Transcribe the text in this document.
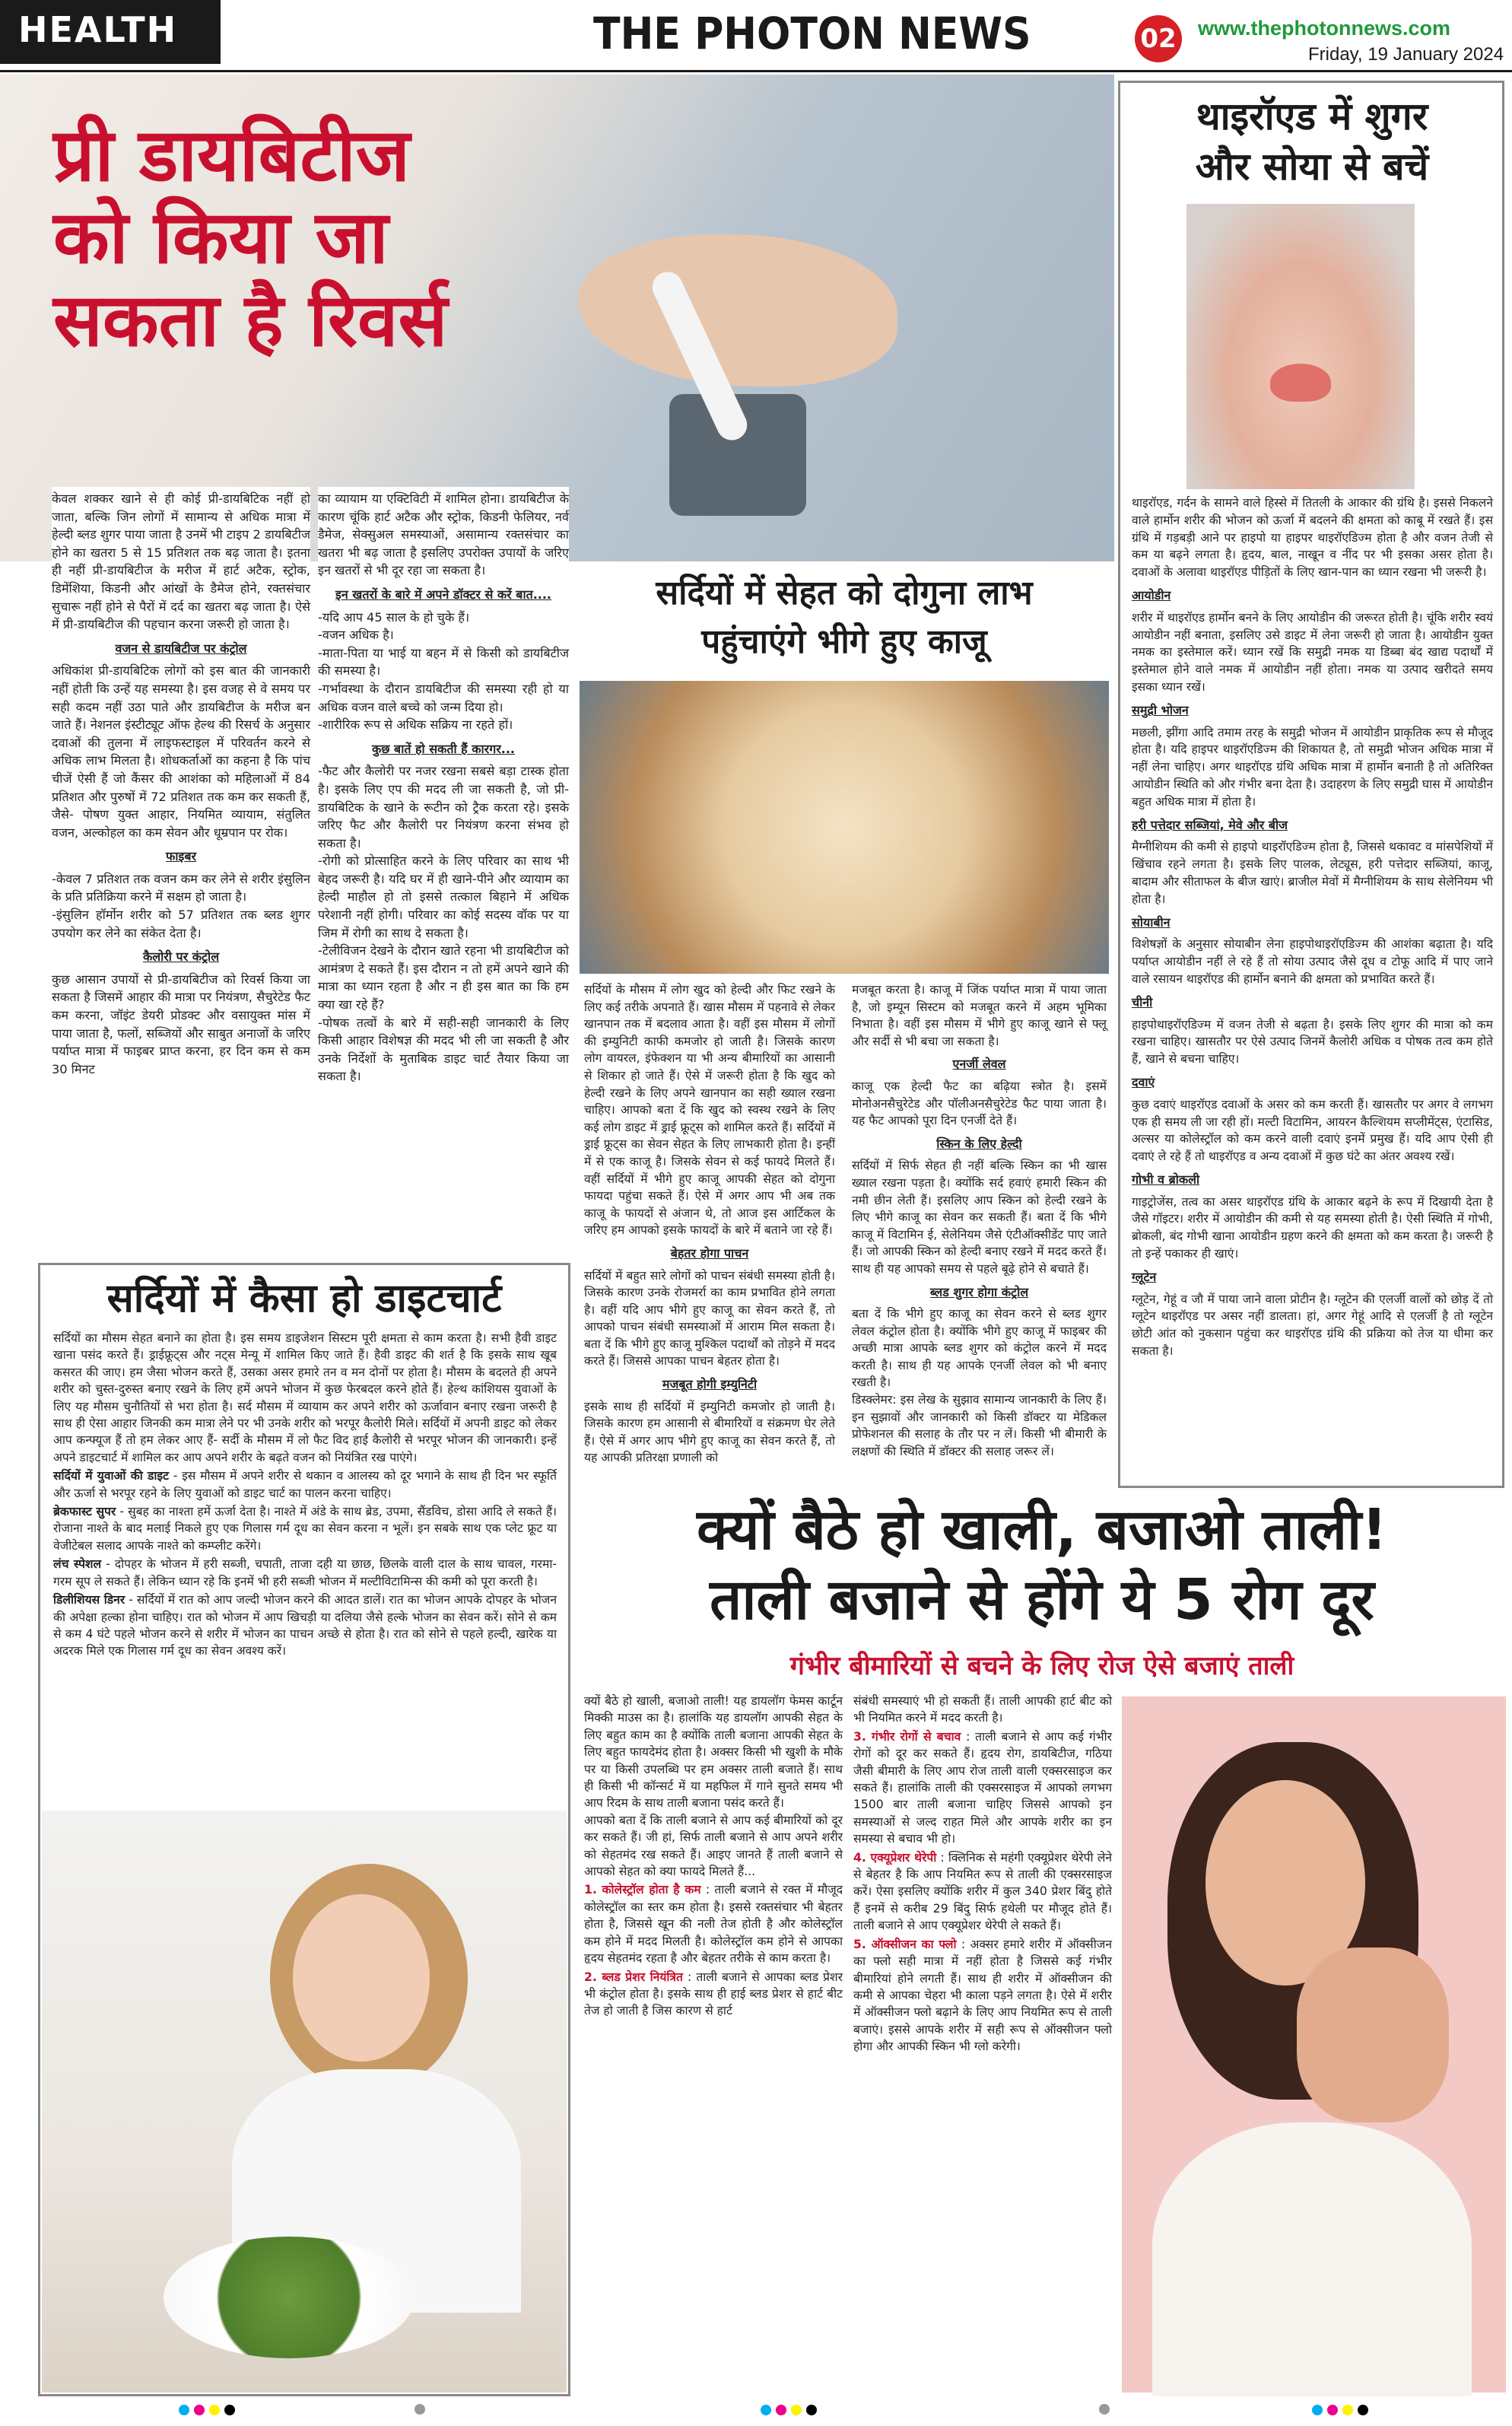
HEALTH	THE PHOTON NEWS	02 www.thephotonnews.com
Friday, 19 January 2024
प्री डायबिटीज
को किया जा
सकता है रिवर्स

केवल शक्कर खाने से ही कोई प्री-डायबिटिक नहीं हो जाता, बल्कि जिन लोगों में सामान्य से अधिक मात्रा में हेल्दी ब्लड शुगर पाया जाता है उनमें भी टाइप 2 डायबिटीज होने का खतरा 5 से 15 प्रतिशत तक बढ़ जाता है। इतना ही नहीं प्री-डायबिटीज के मरीज में हार्ट अटैक, स्ट्रोक, डिमेंशिया, किडनी और आंखों के डैमेज होने, रक्तसंचार सुचारू नहीं होने से पैरों में दर्द का खतरा बढ़ जाता है। ऐसे में प्री-डायबिटीज की पहचान करना जरूरी हो जाता है।

वजन से डायबिटीज पर कंट्रोल

अधिकांश प्री-डायबिटिक लोगों को इस बात की जानकारी नहीं होती कि उन्हें यह समस्या है। इस वजह से वे समय पर सही कदम नहीं उठा पाते और डायबिटीज के मरीज बन जाते हैं। नेशनल इंस्टीट्यूट ऑफ हेल्थ की रिसर्च के अनुसार दवाओं की तुलना में लाइफस्टाइल में परिवर्तन करने से अधिक लाभ मिलता है। शोधकर्ताओं का कहना है कि पांच चीजें ऐसी हैं जो कैंसर की आशंका को महिलाओं में 84 प्रतिशत और पुरुषों में 72 प्रतिशत तक कम कर सकती हैं, जैसे- पोषण युक्त आहार, नियमित व्यायाम, संतुलित वजन, अल्कोहल का कम सेवन और धूम्रपान पर रोक।

फाइबर

-केवल 7 प्रतिशत तक वजन कम कर लेने से शरीर इंसुलिन के प्रति प्रतिक्रिया करने में सक्षम हो जाता है।
-इंसुलिन हॉर्मोन शरीर को 57 प्रतिशत तक ब्लड शुगर उपयोग कर लेने का संकेत देता है।

कैलोरी पर कंट्रोल

कुछ आसान उपायों से प्री-डायबिटीज को रिवर्स किया जा सकता है जिसमें आहार की मात्रा पर नियंत्रण, सैचुरेटेड फैट कम करना, जॉइंट डेयरी प्रोडक्ट और वसायुक्त मांस में पाया जाता है, फलों, सब्जियों और साबुत अनाजों के जरिए पर्याप्त मात्रा में फाइबर प्राप्त करना, हर दिन कम से कम 30 मिनट

का व्यायाम या एक्टिविटी में शामिल होना। डायबिटीज के कारण चूंकि हार्ट अटैक और स्ट्रोक, किडनी फेलियर, नर्व डैमेज, सेक्सुअल समस्याओं, असामान्य रक्तसंचार का खतरा भी बढ़ जाता है इसलिए उपरोक्त उपायों के जरिए इन खतरों से भी दूर रहा जा सकता है।

इन खतरों के बारे में अपने डॉक्टर से करें बात....

-यदि आप 45 साल के हो चुके हैं।
-वजन अधिक है।
-माता-पिता या भाई या बहन में से किसी को डायबिटीज की समस्या है।
-गर्भावस्था के दौरान डायबिटीज की समस्या रही हो या अधिक वजन वाले बच्चे को जन्म दिया हो।
-शारीरिक रूप से अधिक सक्रिय ना रहते हों।

कुछ बातें हो सकती हैं कारगर...

-फैट और कैलोरी पर नजर रखना सबसे बड़ा टास्क होता है। इसके लिए एप की मदद ली जा सकती है, जो प्री-डायबिटिक के खाने के रूटीन को ट्रैक करता रहे। इसके जरिए फैट और कैलोरी पर नियंत्रण करना संभव हो सकता है।
-रोगी को प्रोत्साहित करने के लिए परिवार का साथ भी बेहद जरूरी है। यदि घर में ही खाने-पीने और व्यायाम का हेल्दी माहौल हो तो इससे तत्काल बिहाने में अधिक परेशानी नहीं होगी। परिवार का कोई सदस्य वॉक पर या जिम में रोगी का साथ दे सकता है।
-टेलीविजन देखने के दौरान खाते रहना भी डायबिटीज को आमंत्रण दे सकते हैं। इस दौरान न तो हमें अपने खाने की मात्रा का ध्यान रहता है और न ही इस बात का कि हम क्या खा रहे हैं?
-पोषक तत्वों के बारे में सही-सही जानकारी के लिए किसी आहार विशेषज्ञ की मदद भी ली जा सकती है और उनके निर्देशों के मुताबिक डाइट चार्ट तैयार किया जा सकता है।

सर्दियों में सेहत को दोगुना लाभ
पहुंचाएंगे भीगे हुए काजू

सर्दियों के मौसम में लोग खुद को हेल्दी और फिट रखने के लिए कई तरीके अपनाते हैं। खास मौसम में पहनावे से लेकर खानपान तक में बदलाव आता है। वहीं इस मौसम में लोगों की इम्युनिटी काफी कमजोर हो जाती है। जिसके कारण लोग वायरल, इंफेक्शन या भी अन्य बीमारियों का आसानी से शिकार हो जाते हैं। ऐसे में जरूरी होता है कि खुद को हेल्दी रखने के लिए अपने खानपान का सही ख्याल रखना चाहिए। आपको बता दें कि खुद को स्वस्थ रखने के लिए कई लोग डाइट में ड्राई फ्रूट्स को शामिल करते हैं। सर्दियों में ड्राई फ्रूट्स का सेवन सेहत के लिए लाभकारी होता है। इन्हीं में से एक काजू है। जिसके सेवन से कई फायदे मिलते हैं। वहीं सर्दियों में भीगे हुए काजू आपकी सेहत को दोगुना फायदा पहुंचा सकते हैं। ऐसे में अगर आप भी अब तक काजू के फायदों से अंजान थे, तो आज इस आर्टिकल के जरिए हम आपको इसके फायदों के बारे में बताने जा रहे हैं।

बेहतर होगा पाचन

सर्दियों में बहुत सारे लोगों को पाचन संबंधी समस्या होती है। जिसके कारण उनके रोजमर्रा का काम प्रभावित होने लगता है। वहीं यदि आप भीगे हुए काजू का सेवन करते हैं, तो आपको पाचन संबंधी समस्याओं में आराम मिल सकता है। बता दें कि भीगे हुए काजू मुश्किल पदार्थों को तोड़ने में मदद करते हैं। जिससे आपका पाचन बेहतर होता है।

मजबूत होगी इम्युनिटी

इसके साथ ही सर्दियों में इम्युनिटी कमजोर हो जाती है। जिसके कारण हम आसानी से बीमारियों व संक्रमण घेर लेते हैं। ऐसे में अगर आप भीगे हुए काजू का सेवन करते हैं, तो यह आपकी प्रतिरक्षा प्रणाली को

मजबूत करता है। काजू में जिंक पर्याप्त मात्रा में पाया जाता है, जो इम्यून सिस्टम को मजबूत करने में अहम भूमिका निभाता है। वहीं इस मौसम में भीगे हुए काजू खाने से फ्लू और सर्दी से भी बचा जा सकता है।

एनर्जी लेवल

काजू एक हेल्दी फैट का बढ़िया स्त्रोत है। इसमें मोनोअनसैचुरेटेड और पॉलीअनसैचुरेटेड फैट पाया जाता है। यह फैट आपको पूरा दिन एनर्जी देते हैं।

स्किन के लिए हेल्दी

सर्दियों में सिर्फ सेहत ही नहीं बल्कि स्किन का भी खास ख्याल रखना पड़ता है। क्योंकि सर्द हवाएं हमारी स्किन की नमी छीन लेती हैं। इसलिए आप स्किन को हेल्दी रखने के लिए भीगे काजू का सेवन कर सकती हैं। बता दें कि भीगे काजू में विटामिन ई, सेलेनियम जैसे एंटीऑक्सीडेंट पाए जाते हैं। जो आपकी स्किन को हेल्दी बनाए रखने में मदद करते हैं। साथ ही यह आपको समय से पहले बूढ़े होने से बचाते हैं।

ब्लड शुगर होगा कंट्रोल

बता दें कि भीगे हुए काजू का सेवन करने से ब्लड शुगर लेवल कंट्रोल होता है। क्योंकि भीगे हुए काजू में फाइबर की अच्छी मात्रा आपके ब्लड शुगर को कंट्रोल करने में मदद करती है। साथ ही यह आपके एनर्जी लेवल को भी बनाए रखती है।
डिस्क्लेमर: इस लेख के सुझाव सामान्य जानकारी के लिए हैं। इन सुझावों और जानकारी को किसी डॉक्टर या मेडिकल प्रोफेशनल की सलाह के तौर पर न लें। किसी भी बीमारी के लक्षणों की स्थिति में डॉक्टर की सलाह जरूर लें।

थाइरॉएड में शुगर
और सोया से बचें

थाइरॉएड, गर्दन के सामने वाले हिस्से में तितली के आकार की ग्रंथि है। इससे निकलने वाले हार्मोन शरीर की भोजन को ऊर्जा में बदलने की क्षमता को काबू में रखते हैं। इस ग्रंथि में गड़बड़ी आने पर हाइपो या हाइपर थाइरॉएडिज्म होता है और वजन तेजी से कम या बढ़ने लगता है। हृदय, बाल, नाखून व नींद पर भी इसका असर होता है। दवाओं के अलावा थाइरॉएड पीड़ितों के लिए खान-पान का ध्यान रखना भी जरूरी है।

आयोडीन

शरीर में थाइरॉएड हार्मोन बनने के लिए आयोडीन की जरूरत होती है। चूंकि शरीर स्वयं आयोडीन नहीं बनाता, इसलिए उसे डाइट में लेना जरूरी हो जाता है। आयोडीन युक्त नमक का इस्तेमाल करें। ध्यान रखें कि समुद्री नमक या डिब्बा बंद खाद्य पदार्थों में इस्तेमाल होने वाले नमक में आयोडीन नहीं होता। नमक या उत्पाद खरीदते समय इसका ध्यान रखें।

समुद्री भोजन

मछली, झींगा आदि तमाम तरह के समुद्री भोजन में आयोडीन प्राकृतिक रूप से मौजूद होता है। यदि हाइपर थाइरॉएडिज्म की शिकायत है, तो समुद्री भोजन अधिक मात्रा में नहीं लेना चाहिए। अगर थाइरॉएड ग्रंथि अधिक मात्रा में हार्मोन बनाती है तो अतिरिक्त आयोडीन स्थिति को और गंभीर बना देता है। उदाहरण के लिए समुद्री घास में आयोडीन बहुत अधिक मात्रा में होता है।

हरी पत्तेदार सब्जियां, मेवे और बीज

मैग्नीशियम की कमी से हाइपो थाइरॉएडिज्म होता है, जिससे थकावट व मांसपेशियों में खिंचाव रहने लगता है। इसके लिए पालक, लेट्यूस, हरी पत्तेदार सब्जियां, काजू, बादाम और सीताफल के बीज खाएं। ब्राजील मेवों में मैग्नीशियम के साथ सेलेनियम भी होता है।

सोयाबीन

विशेषज्ञों के अनुसार सोयाबीन लेना हाइपोथाइरॉएडिज्म की आशंका बढ़ाता है। यदि पर्याप्त आयोडीन नहीं ले रहे हैं तो सोया उत्पाद जैसे दूध व टोफू आदि में पाए जाने वाले रसायन थाइरॉएड की हार्मोन बनाने की क्षमता को प्रभावित करते हैं।

चीनी

हाइपोथाइरॉएडिज्म में वजन तेजी से बढ़ता है। इसके लिए शुगर की मात्रा को कम रखना चाहिए। खासतौर पर ऐसे उत्पाद जिनमें कैलोरी अधिक व पोषक तत्व कम होते हैं, खाने से बचना चाहिए।

दवाएं

कुछ दवाएं थाइरॉएड दवाओं के असर को कम करती हैं। खासतौर पर अगर वे लगभग एक ही समय ली जा रही हों। मल्टी विटामिन, आयरन कैल्शियम सप्लीमेंट्स, एंटासिड, अल्सर या कोलेस्ट्रॉल को कम करने वाली दवाएं इनमें प्रमुख हैं। यदि आप ऐसी ही दवाएं ले रहे हैं तो थाइरॉएड व अन्य दवाओं में कुछ घंटे का अंतर अवश्य रखें।

गोभी व ब्रोकली

गाइट्रोजेंस, तत्व का असर थाइरॉएड ग्रंथि के आकार बढ़ने के रूप में दिखायी देता है जैसे गॉइटर। शरीर में आयोडीन की कमी से यह समस्या होती है। ऐसी स्थिति में गोभी, ब्रोकली, बंद गोभी खाना आयोडीन ग्रहण करने की क्षमता को कम करता है। जरूरी है तो इन्हें पकाकर ही खाएं।

ग्लूटेन

ग्लूटेन, गेहूं व जौ में पाया जाने वाला प्रोटीन है। ग्लूटेन की एलर्जी वालों को छोड़ दें तो ग्लूटेन थाइरॉएड पर असर नहीं डालता। हां, अगर गेहूं आदि से एलर्जी है तो ग्लूटेन छोटी आंत को नुकसान पहुंचा कर थाइरॉएड ग्रंथि की प्रक्रिया को तेज या धीमा कर सकता है।

सर्दियों में कैसा हो डाइटचार्ट

सर्दियों का मौसम सेहत बनाने का होता है। इस समय डाइजेशन सिस्टम पूरी क्षमता से काम करता है। सभी हैवी डाइट खाना पसंद करते हैं। ड्राईफ्रूट्स और नट्स मेन्यू में शामिल किए जाते हैं। हैवी डाइट की शर्त है कि इसके साथ खूब कसरत की जाए। हम जैसा भोजन करते हैं, उसका असर हमारे तन व मन दोनों पर होता है। मौसम के बदलते ही अपने शरीर को चुस्त-दुरुस्त बनाए रखने के लिए हमें अपने भोजन में कुछ फेरबदल करने होते हैं। हेल्थ कांशियस युवाओं के लिए यह मौसम चुनौतियों से भरा होता है। सर्द मौसम में व्यायाम कर अपने शरीर को ऊर्जावान बनाए रखना जरूरी है साथ ही ऐसा आहार जिनकी कम मात्रा लेने पर भी उनके शरीर को भरपूर कैलोरी मिले। सर्दियों में अपनी डाइट को लेकर आप कन्फ्यूज हैं तो हम लेकर आए हैं- सर्दी के मौसम में लो फैट विद हाई कैलोरी से भरपूर भोजन की जानकारी। इन्हें अपने डाइटचार्ट में शामिल कर आप अपने शरीर के बढ़ते वजन को नियंत्रित रख पाएंगे।

सर्दियों में युवाओं की डाइट - इस मौसम में अपने शरीर से थकान व आलस्य को दूर भगाने के साथ ही दिन भर स्फूर्ति और ऊर्जा से भरपूर रहने के लिए युवाओं को डाइट चार्ट का पालन करना चाहिए।

ब्रेकफास्ट सुपर - सुबह का नाश्ता हमें ऊर्जा देता है। नाश्ते में अंडे के साथ ब्रेड, उपमा, सैंडविच, डोसा आदि ले सकते हैं। रोजाना नाश्ते के बाद मलाई निकले हुए एक गिलास गर्म दूध का सेवन करना न भूलें। इन सबके साथ एक प्लेट फ्रूट या वेजीटेबल सलाद आपके नाश्ते को कम्प्लीट करेंगे।

लंच स्पेशल - दोपहर के भोजन में हरी सब्जी, चपाती, ताजा दही या छाछ, छिलके वाली दाल के साथ चावल, गरमा-गरम सूप ले सकते हैं। लेकिन ध्यान रहे कि इनमें भी हरी सब्जी भोजन में मल्टीविटामिन्स की कमी को पूरा करती है।

डिलीशियस डिनर - सर्दियों में रात को आप जल्दी भोजन करने की आदत डालें। रात का भोजन आपके दोपहर के भोजन की अपेक्षा हल्का होना चाहिए। रात को भोजन में आप खिचड़ी या दलिया जैसे हल्के भोजन का सेवन करें। सोने से कम से कम 4 घंटे पहले भोजन करने से शरीर में भोजन का पाचन अच्छे से होता है। रात को सोने से पहले हल्दी, खारेक या अदरक मिले एक गिलास गर्म दूध का सेवन अवश्य करें।

क्यों बैठे हो खाली, बजाओ ताली!
ताली बजाने से होंगे ये 5 रोग दूर
गंभीर बीमारियों से बचने के लिए रोज ऐसे बजाएं ताली

क्यों बैठे हो खाली, बजाओ ताली! यह डायलॉग फेमस कार्टून मिक्की माउस का है। हालांकि यह डायलॉग आपकी सेहत के लिए बहुत काम का है क्योंकि ताली बजाना आपकी सेहत के लिए बहुत फायदेमंद होता है। अक्सर किसी भी खुशी के मौके पर या किसी उपलब्धि पर हम अक्सर ताली बजाते हैं। साथ ही किसी भी कॉन्सर्ट में या महफिल में गाने सुनते समय भी आप रिदम के साथ ताली बजाना पसंद करते हैं।
आपको बता दें कि ताली बजाने से आप कई बीमारियों को दूर कर सकते हैं। जी हां, सिर्फ ताली बजाने से आप अपने शरीर को सेहतमंद रख सकते हैं। आइए जानते हैं ताली बजाने से आपको सेहत को क्या फायदे मिलते हैं...

1. कोलेस्ट्रॉल होता है कम : ताली बजाने से रक्त में मौजूद कोलेस्ट्रॉल का स्तर कम होता है। इससे रक्तसंचार भी बेहतर होता है, जिससे खून की नली तेज होती है और कोलेस्ट्रॉल कम होने में मदद मिलती है। कोलेस्ट्रॉल कम होने से आपका हृदय सेहतमंद रहता है और बेहतर तरीके से काम करता है।

2. ब्लड प्रेशर नियंत्रित : ताली बजाने से आपका ब्लड प्रेशर भी कंट्रोल होता है। इसके साथ ही हाई ब्लड प्रेशर से हार्ट बीट तेज हो जाती है जिस कारण से हार्ट

संबंधी समस्याएं भी हो सकती हैं। ताली आपकी हार्ट बीट को भी नियमित करने में मदद करती है।

3. गंभीर रोगों से बचाव : ताली बजाने से आप कई गंभीर रोगों को दूर कर सकते हैं। हृदय रोग, डायबिटीज, गठिया जैसी बीमारी के लिए आप रोज ताली वाली एक्सरसाइज कर सकते हैं। हालांकि ताली की एक्सरसाइज में आपको लगभग 1500 बार ताली बजाना चाहिए जिससे आपको इन समस्याओं से जल्द राहत मिले और आपके शरीर का इन समस्या से बचाव भी हो।

4. एक्यूप्रेशर थेरेपी : क्लिनिक से महंगी एक्यूप्रेशर थेरेपी लेने से बेहतर है कि आप नियमित रूप से ताली की एक्सरसाइज करें। ऐसा इसलिए क्योंकि शरीर में कुल 340 प्रेशर बिंदु होते हैं इनमें से करीब 29 बिंदु सिर्फ हथेली पर मौजूद होते हैं। ताली बजाने से आप एक्यूप्रेशर थेरेपी ले सकते हैं।

5. ऑक्सीजन का फ्लो : अक्सर हमारे शरीर में ऑक्सीजन का फ्लो सही मात्रा में नहीं होता है जिससे कई गंभीर बीमारियां होने लगती हैं। साथ ही शरीर में ऑक्सीजन की कमी से आपका चेहरा भी काला पड़ने लगता है। ऐसे में शरीर में ऑक्सीजन फ्लो बढ़ाने के लिए आप नियमित रूप से ताली बजाएं। इससे आपके शरीर में सही रूप से ऑक्सीजन फ्लो होगा और आपकी स्किन भी ग्लो करेगी।
